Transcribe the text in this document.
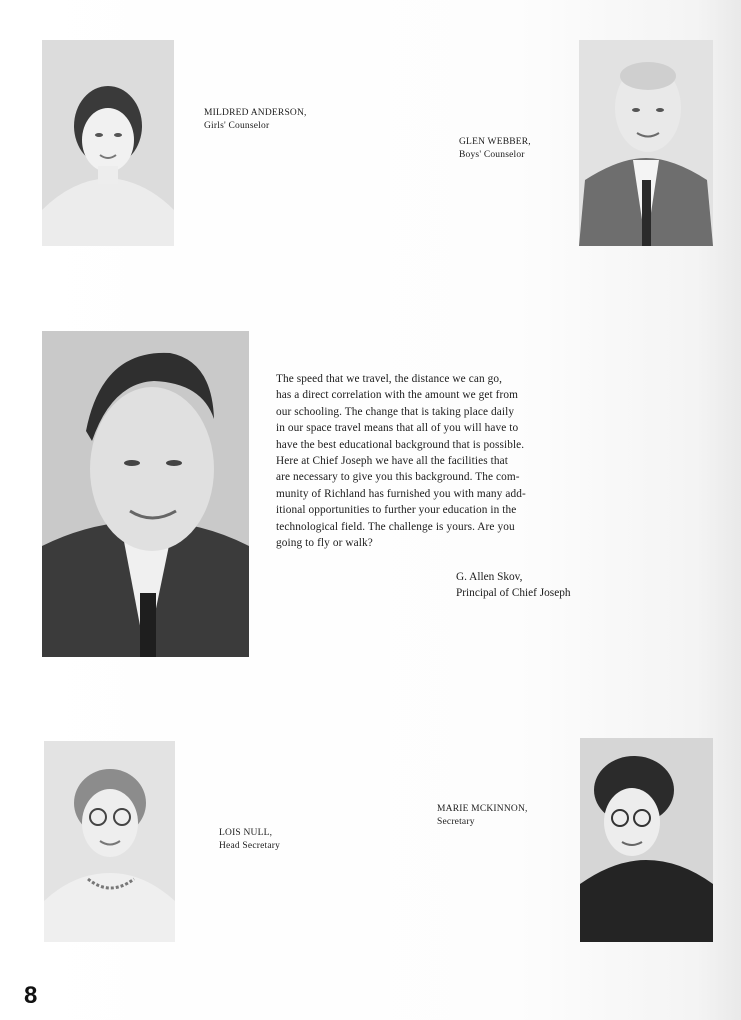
MILDRED ANDERSON,
Girls' Counselor
GLEN WEBBER,
Boys' Counselor
The speed that we travel, the distance we can go,
has a direct correlation with the amount we get from
our schooling. The change that is taking place daily
in our space travel means that all of you will have to
have the best educational background that is possible.
Here at Chief Joseph we have all the facilities that
are necessary to give you this background. The com-
munity of Richland has furnished you with many add-
itional opportunities to further your education in the
technological field. The challenge is yours. Are you
going to fly or walk?
G. Allen Skov,
Principal of Chief Joseph
LOIS NULL,
Head Secretary
MARIE MCKINNON,
Secretary
8
